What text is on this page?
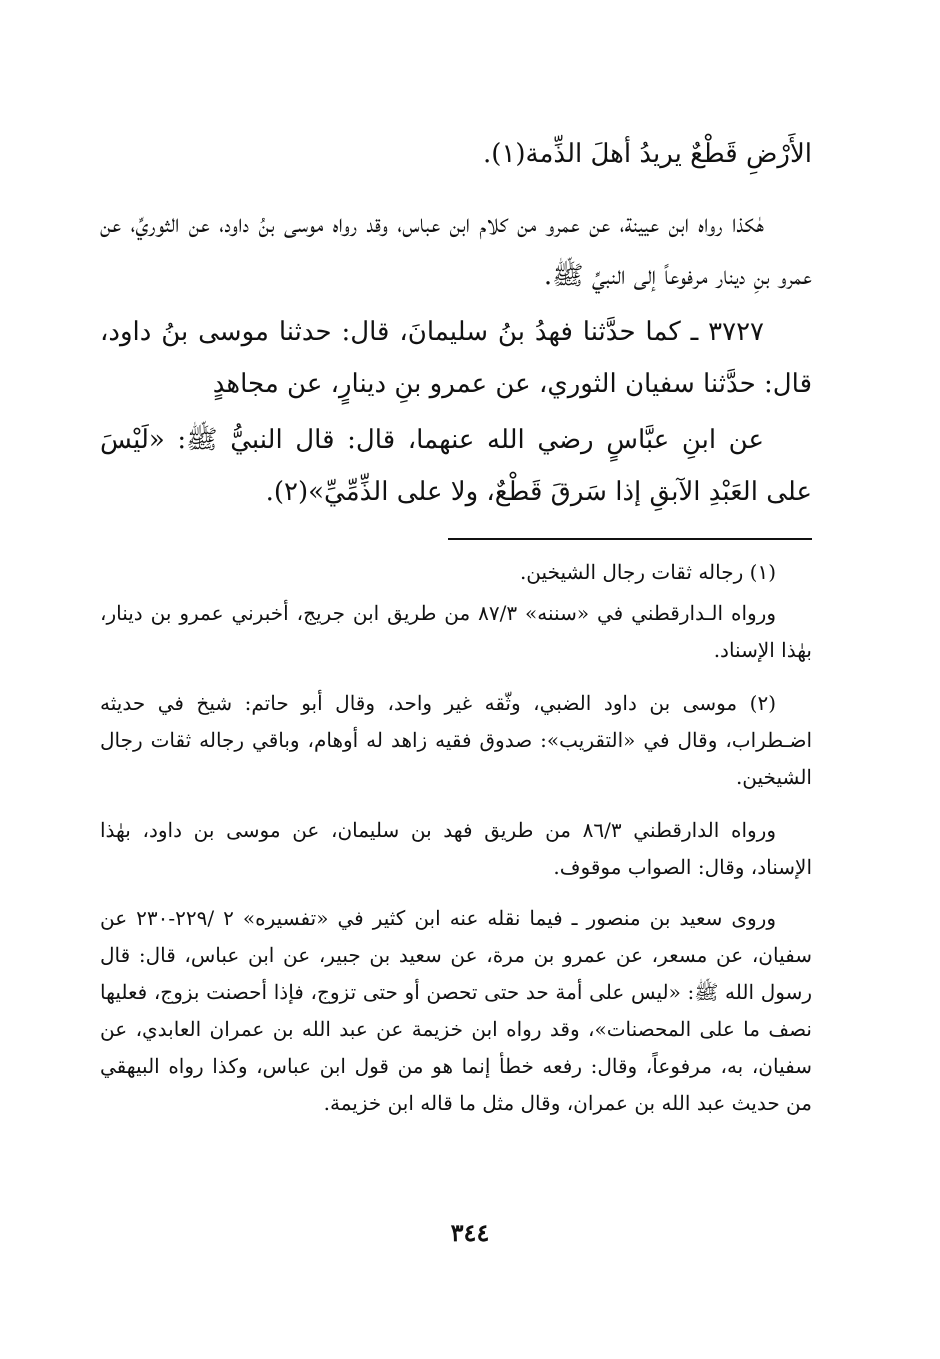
الأَرْضِ قَطْعٌ يريدُ أهلَ الذِّمة(١).

هٰكذا رواه ابن عيينة، عن عمرو من كلام ابن عباس، وقد رواه موسى بنُ داود، عن الثوريِّ، عن عمرو بنِ دينار مرفوعاً إلى النبيِّ ﷺ.

٣٧٢٧ ـ كما حدَّثنا فهدُ بنُ سليمانَ، قال: حدثنا موسى بنُ داود، قال: حدَّثنا سفيان الثوري، عن عمرو بنِ دينارٍ، عن مجاهدٍ

عن ابنِ عبَّاسٍ رضي الله عنهما، قال: قال النبيُّ ﷺ: «لَيْسَ على العَبْدِ الآبقِ إذا سَرقَ قَطْعٌ، ولا على الذِّمِّيِّ»(٢).

(١) رجاله ثقات رجال الشيخين.

ورواه الـدارقطني في «سننه» ٨٧/٣ من طريق ابن جريج، أخبرني عمرو بن دينار، بهٰذا الإسناد.

(٢) موسى بن داود الضبي، وثّقه غير واحد، وقال أبو حاتم: شيخ في حديثه اضـطراب، وقال في «التقريب»: صدوق فقيه زاهد له أوهام، وباقي رجاله ثقات رجال الشيخين.

ورواه الدارقطني ٨٦/٣ من طريق فهد بن سليمان، عن موسى بن داود، بهٰذا الإسناد، وقال: الصواب موقوف.

وروى سعيد بن منصور ـ فيما نقله عنه ابن كثير في «تفسيره» ٢ /٢٢٩-٢٣٠ عن سفيان، عن مسعر، عن عمرو بن مرة، عن سعيد بن جبير، عن ابن عباس، قال: قال رسول الله ﷺ: «ليس على أمة حد حتى تحصن أو حتى تزوج، فإذا أحصنت بزوج، فعليها نصف ما على المحصنات»، وقد رواه ابن خزيمة عن عبد الله بن عمران العابدي، عن سفيان، به، مرفوعاً، وقال: رفعه خطأ إنما هو من قول ابن عباس، وكذا رواه البيهقي من حديث عبد الله بن عمران، وقال مثل ما قاله ابن خزيمة.

٣٤٤
